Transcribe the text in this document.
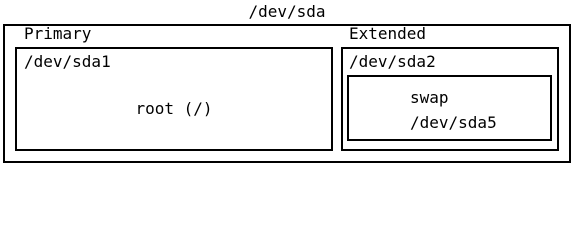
/dev/sda
Primary
/dev/sda1
root (/)
Extended
/dev/sda2
swap
/dev/sda5
